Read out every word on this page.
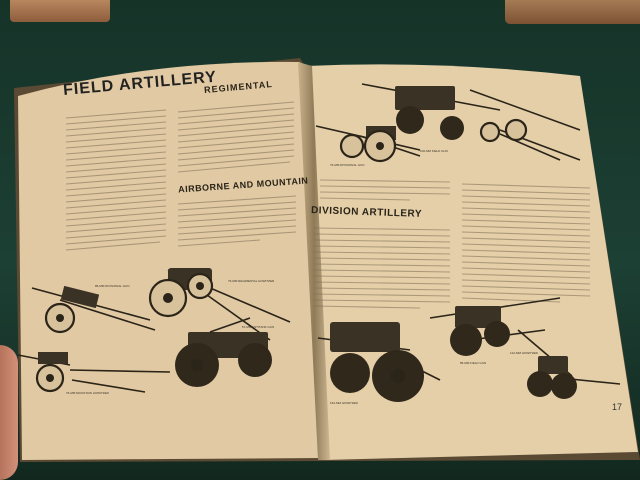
FIELD ARTILLERY
REGIMENTAL
AIRBORNE AND MOUNTAIN
DIVISION ARTILLERY
85-MM DIVISIONAL GUN
76-MM MOUNTAIN HOWITZER
76-MM REGIMENTAL HOWITZER
57-MM ANTITANK GUN
76-MM DIVISIONAL GUN
100-MM FIELD GUN
152-MM HOWITZER
122-MM HOWITZER
85-MM FIELD GUN
17
